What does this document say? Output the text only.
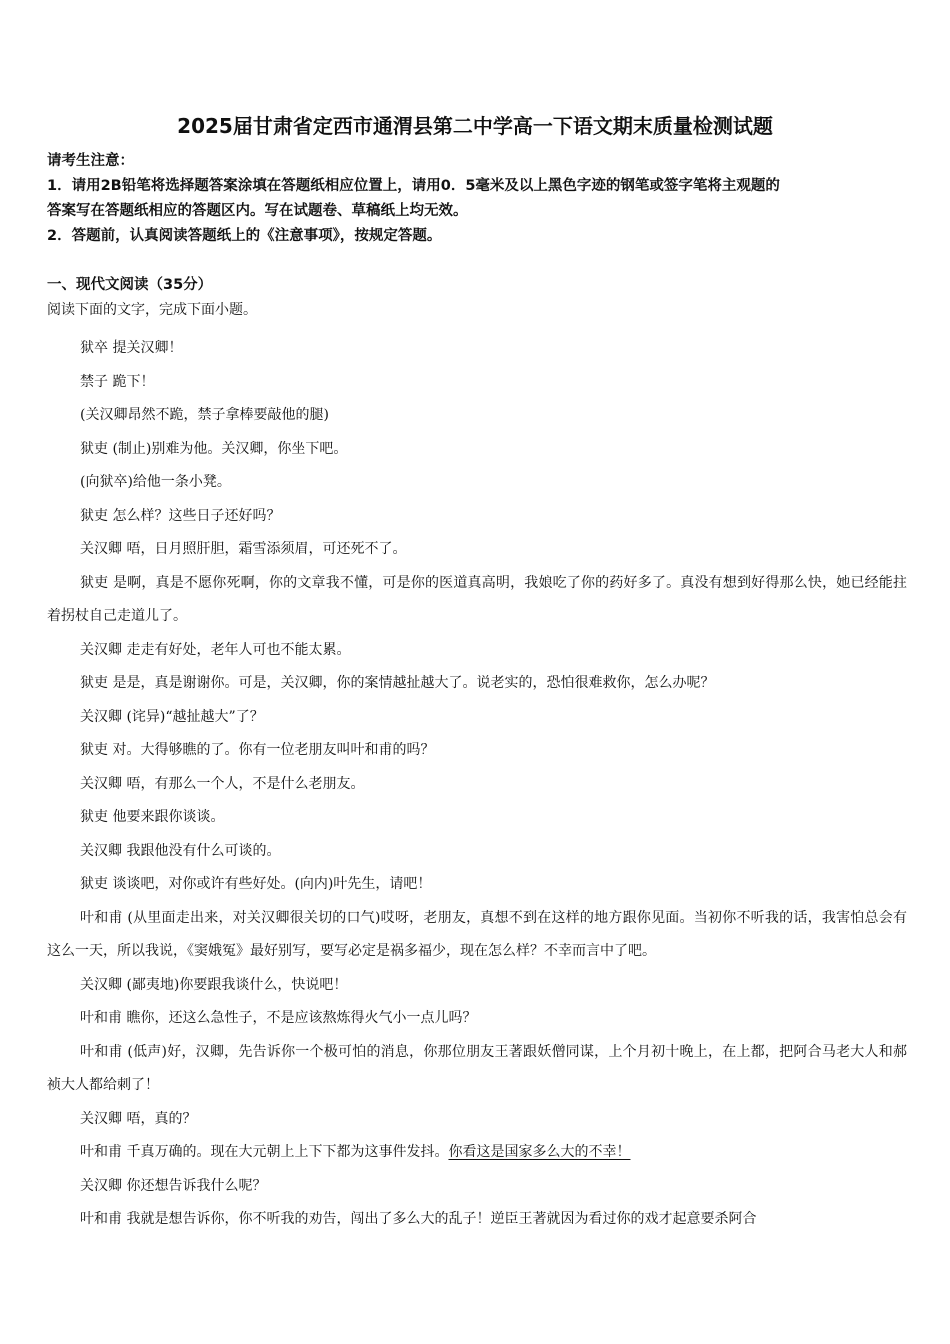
2025届甘肃省定西市通渭县第二中学高一下语文期末质量检测试题
请考生注意：
1．请用2B铅笔将选择题答案涂填在答题纸相应位置上，请用0．5毫米及以上黑色字迹的钢笔或签字笔将主观题的
答案写在答题纸相应的答题区内。写在试题卷、草稿纸上均无效。
2．答题前，认真阅读答题纸上的《注意事项》，按规定答题。
一、现代文阅读（35分）
阅读下面的文字，完成下面小题。

狱卒 提关汉卿！

禁子 跪下！

(关汉卿昂然不跪，禁子拿棒要敲他的腿)

狱吏 (制止)别难为他。关汉卿，你坐下吧。

(向狱卒)给他一条小凳。

狱吏 怎么样？这些日子还好吗？

关汉卿 唔，日月照肝胆，霜雪添须眉，可还死不了。

狱吏 是啊，真是不愿你死啊，你的文章我不懂，可是你的医道真高明，我娘吃了你的药好多了。真没有想到好得那么快，她已经能拄着拐杖自己走道儿了。

关汉卿 走走有好处，老年人可也不能太累。

狱吏 是是，真是谢谢你。可是，关汉卿，你的案情越扯越大了。说老实的，恐怕很难救你，怎么办呢？

关汉卿 (诧异)“越扯越大”了？

狱吏 对。大得够瞧的了。你有一位老朋友叫叶和甫的吗？

关汉卿 唔，有那么一个人，不是什么老朋友。

狱吏 他要来跟你谈谈。

关汉卿 我跟他没有什么可谈的。

狱吏 谈谈吧，对你或许有些好处。(向内)叶先生，请吧！

叶和甫 (从里面走出来，对关汉卿很关切的口气)哎呀，老朋友，真想不到在这样的地方跟你见面。当初你不听我的话，我害怕总会有这么一天，所以我说，《窦娥冤》最好别写，要写必定是祸多福少，现在怎么样？不幸而言中了吧。

关汉卿 (鄙夷地)你要跟我谈什么，快说吧！

叶和甫 瞧你，还这么急性子，不是应该熬炼得火气小一点儿吗？

叶和甫 (低声)好，汉卿，先告诉你一个极可怕的消息，你那位朋友王著跟妖僧同谋，上个月初十晚上，在上都，把阿合马老大人和郝祯大人都给刺了！

关汉卿 唔，真的？

叶和甫 千真万确的。现在大元朝上上下下都为这事件发抖。你看这是国家多么大的不幸！

关汉卿 你还想告诉我什么呢？

叶和甫 我就是想告诉你，你不听我的劝告，闯出了多么大的乱子！逆臣王著就因为看过你的戏才起意要杀阿合
